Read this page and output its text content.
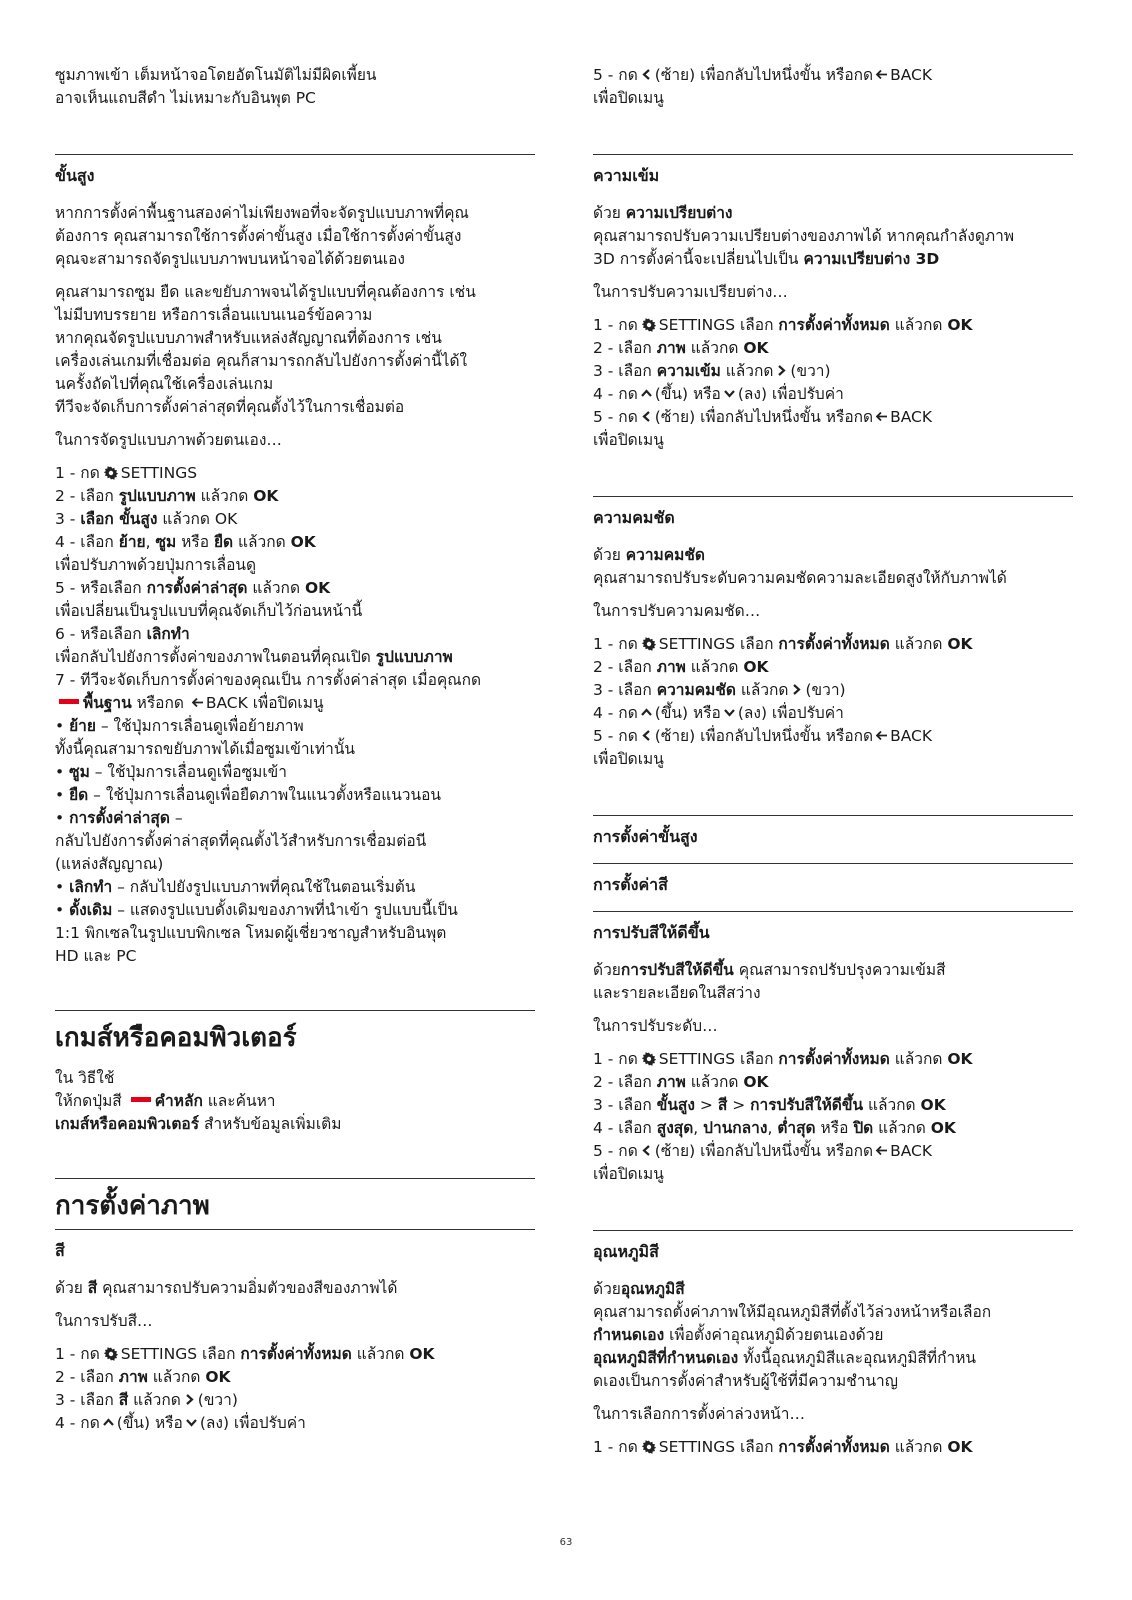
ซูมภาพเข้า เต็มหน้าจอโดยอัตโนมัติไม่มีผิดเพี้ยน

อาจเห็นแถบสีดำ ไม่เหมาะกับอินพุต PC

ขั้นสูง

หากการตั้งค่าพื้นฐานสองค่าไม่เพียงพอที่จะจัดรูปแบบภาพที่คุณ

ต้องการ คุณสามารถใช้การตั้งค่าขั้นสูง เมื่อใช้การตั้งค่าขั้นสูง

คุณจะสามารถจัดรูปแบบภาพบนหน้าจอได้ด้วยตนเอง

คุณสามารถซูม ยืด และขยับภาพจนได้รูปแบบที่คุณต้องการ เช่น

ไม่มีบทบรรยาย หรือการเลื่อนแบนเนอร์ข้อความ

หากคุณจัดรูปแบบภาพสำหรับแหล่งสัญญาณที่ต้องการ เช่น

เครื่องเล่นเกมที่เชื่อมต่อ คุณก็สามารถกลับไปยังการตั้งค่านี้ได้ใ

นครั้งถัดไปที่คุณใช้เครื่องเล่นเกม

ทีวีจะจัดเก็บการตั้งค่าล่าสุดที่คุณตั้งไว้ในการเชื่อมต่อ

ในการจัดรูปแบบภาพด้วยตนเอง…

1 - กด SETTINGS

2 - เลือก รูปแบบภาพ แล้วกด OK

3 - เลือก ขั้นสูง แล้วกด OK

4 - เลือก ย้าย, ซูม หรือ ยืด แล้วกด OK

เพื่อปรับภาพด้วยปุ่มการเลื่อนดู

5 - หรือเลือก การตั้งค่าล่าสุด แล้วกด OK

เพื่อเปลี่ยนเป็นรูปแบบที่คุณจัดเก็บไว้ก่อนหน้านี้

6 - หรือเลือก เลิกทำ

เพื่อกลับไปยังการตั้งค่าของภาพในตอนที่คุณเปิด รูปแบบภาพ

7 - ทีวีจะจัดเก็บการตั้งค่าของคุณเป็น การตั้งค่าล่าสุด เมื่อคุณกด

พื้นฐาน หรือกด
BACK เพื่อปิดเมนู

• ย้าย – ใช้ปุ่มการเลื่อนดูเพื่อย้ายภาพ

ทั้งนี้คุณสามารถขยับภาพได้เมื่อซูมเข้าเท่านั้น

• ซูม – ใช้ปุ่มการเลื่อนดูเพื่อซูมเข้า

• ยืด – ใช้ปุ่มการเลื่อนดูเพื่อยืดภาพในแนวตั้งหรือแนวนอน

• การตั้งค่าล่าสุด –

กลับไปยังการตั้งค่าล่าสุดที่คุณตั้งไว้สำหรับการเชื่อมต่อนี

(แหล่งสัญญาณ)

• เลิกทำ – กลับไปยังรูปแบบภาพที่คุณใช้ในตอนเริ่มต้น

• ดั้งเดิม – แสดงรูปแบบดั้งเดิมของภาพที่นำเข้า รูปแบบนี้เป็น

1:1 พิกเซลในรูปแบบพิกเซล โหมดผู้เชี่ยวชาญสำหรับอินพุต

HD และ PC

เกมส์หรือคอมพิวเตอร์

ใน วิธีใช้

ให้กดปุ่มสี คำหลัก และค้นหา

เกมส์หรือคอมพิวเตอร์ สำหรับข้อมูลเพิ่มเติม

การตั้งค่าภาพ
สี

ด้วย สี คุณสามารถปรับความอิ่มตัวของสีของภาพได้

ในการปรับสี…

1 - กด SETTINGS เลือก การตั้งค่าทั้งหมด แล้วกด OK

2 - เลือก ภาพ แล้วกด OK

3 - เลือก สี แล้วกด (ขวา)

4 - กด (ขึ้น) หรือ (ลง) เพื่อปรับค่า

5 - กด (ซ้าย) เพื่อกลับไปหนึ่งขั้น หรือกด BACK

เพื่อปิดเมนู

ความเข้ม

ด้วย ความเปรียบต่าง

คุณสามารถปรับความเปรียบต่างของภาพได้ หากคุณกำลังดูภาพ

3D การตั้งค่านี้จะเปลี่ยนไปเป็น ความเปรียบต่าง 3D

ในการปรับความเปรียบต่าง…

1 - กด SETTINGS เลือก การตั้งค่าทั้งหมด แล้วกด OK

2 - เลือก ภาพ แล้วกด OK

3 - เลือก ความเข้ม แล้วกด (ขวา)

4 - กด (ขึ้น) หรือ (ลง) เพื่อปรับค่า

5 - กด (ซ้าย) เพื่อกลับไปหนึ่งขั้น หรือกด BACK

เพื่อปิดเมนู

ความคมชัด

ด้วย ความคมชัด

คุณสามารถปรับระดับความคมชัดความละเอียดสูงให้กับภาพได้

ในการปรับความคมชัด…

1 - กด SETTINGS เลือก การตั้งค่าทั้งหมด แล้วกด OK

2 - เลือก ภาพ แล้วกด OK

3 - เลือก ความคมชัด แล้วกด (ขวา)

4 - กด (ขึ้น) หรือ (ลง) เพื่อปรับค่า

5 - กด (ซ้าย) เพื่อกลับไปหนึ่งขั้น หรือกด BACK

เพื่อปิดเมนู

การตั้งค่าขั้นสูง
การตั้งค่าสี
การปรับสีให้ดีขึ้น

ด้วยการปรับสีให้ดีขึ้น คุณสามารถปรับปรุงความเข้มสี

และรายละเอียดในสีสว่าง

ในการปรับระดับ…

1 - กด SETTINGS เลือก การตั้งค่าทั้งหมด แล้วกด OK

2 - เลือก ภาพ แล้วกด OK

3 - เลือก ขั้นสูง > สี > การปรับสีให้ดีขึ้น แล้วกด OK

4 - เลือก สูงสุด, ปานกลาง, ต่ำสุด หรือ ปิด แล้วกด OK

5 - กด (ซ้าย) เพื่อกลับไปหนึ่งขั้น หรือกด BACK

เพื่อปิดเมนู

อุณหภูมิสี

ด้วยอุณหภูมิสี

คุณสามารถตั้งค่าภาพให้มีอุณหภูมิสีที่ตั้งไว้ล่วงหน้าหรือเลือก

กำหนดเอง เพื่อตั้งค่าอุณหภูมิด้วยตนเองด้วย

อุณหภูมิสีที่กำหนดเอง ทั้งนี้อุณหภูมิสีและอุณหภูมิสีที่กำหน

ดเองเป็นการตั้งค่าสำหรับผู้ใช้ที่มีความชำนาญ

ในการเลือกการตั้งค่าล่วงหน้า…

1 - กด SETTINGS เลือก การตั้งค่าทั้งหมด แล้วกด OK

63
